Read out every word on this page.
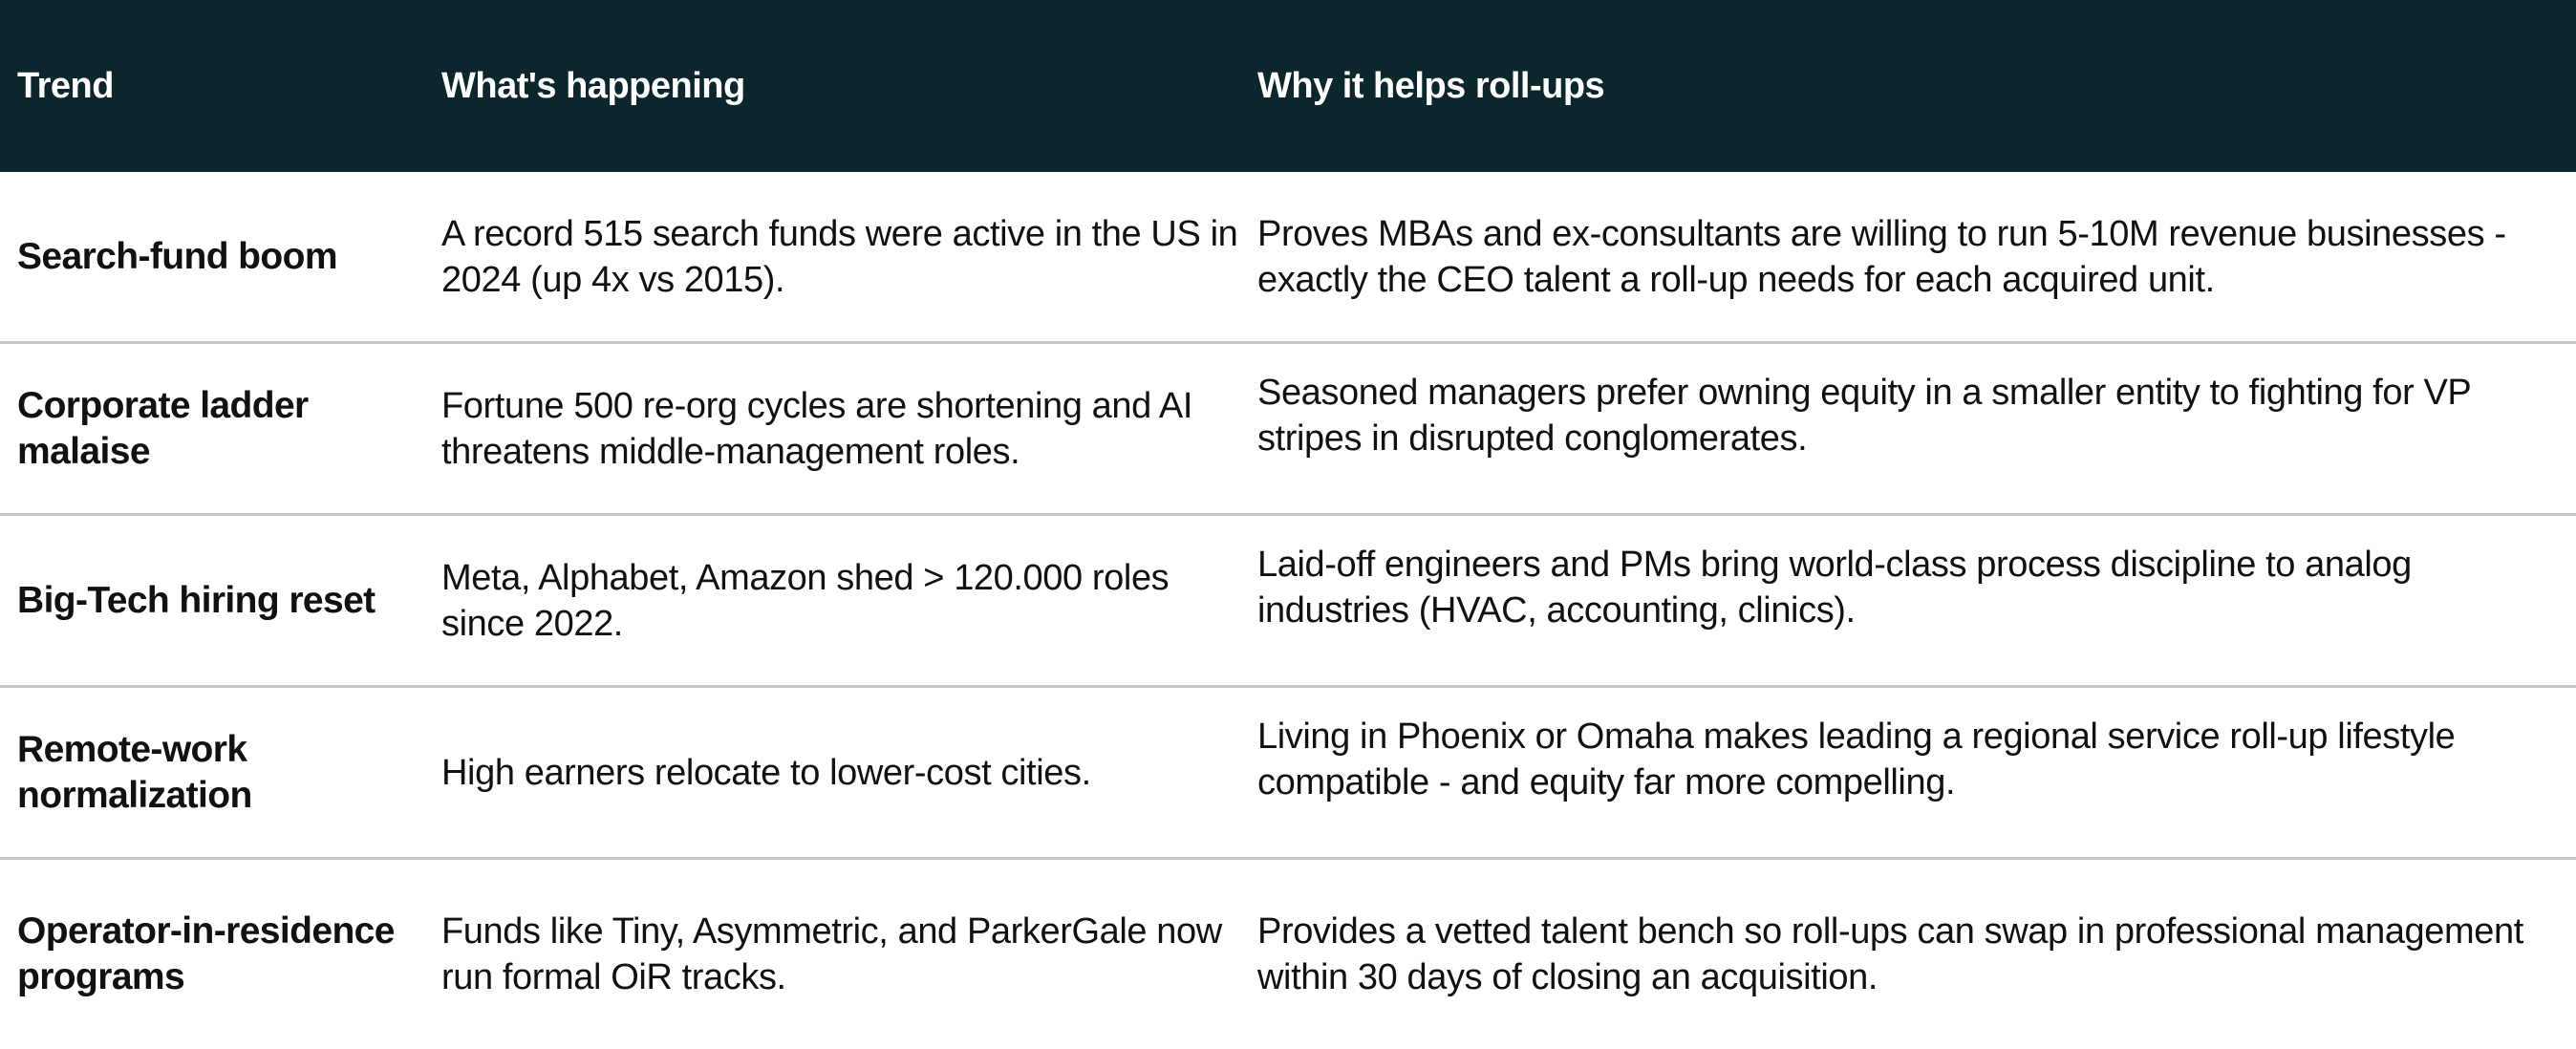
Trend	What's happening	Why it helps roll-ups
Search-fund boom
A record 515 search funds were active in the US in 2024 (up 4x vs 2015).
Proves MBAs and ex-consultants are willing to run 5-10M revenue businesses - exactly the CEO talent a roll-up needs for each acquired unit.
Corporate ladder malaise
Fortune 500 re-org cycles are shortening and AI threatens middle-management roles.
Seasoned managers prefer owning equity in a smaller entity to fighting for VP stripes in disrupted conglomerates.
Big-Tech hiring reset
Meta, Alphabet, Amazon shed > 120.000 roles since 2022.
Laid-off engineers and PMs bring world-class process discipline to analog industries (HVAC, accounting, clinics).
Remote-work normalization
High earners relocate to lower-cost cities.
Living in Phoenix or Omaha makes leading a regional service roll-up lifestyle compatible - and equity far more compelling.
Operator-in-residence programs
Funds like Tiny, Asymmetric, and ParkerGale now run formal OiR tracks.
Provides a vetted talent bench so roll-ups can swap in professional management within 30 days of closing an acquisition.
